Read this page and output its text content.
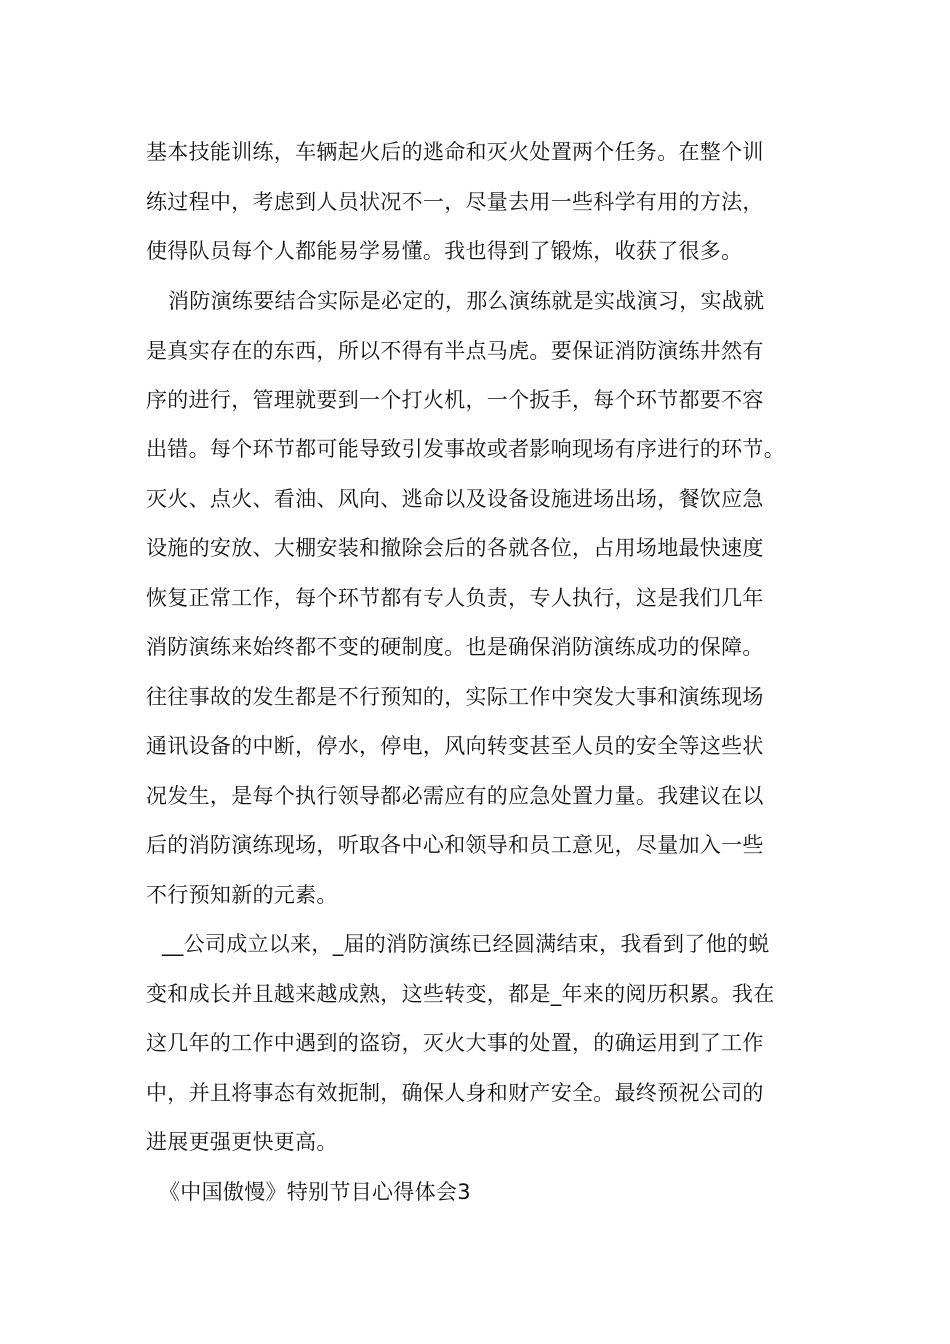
基本技能训练，车辆起火后的逃命和灭火处置两个任务。在整个训

练过程中，考虑到人员状况不一，尽量去用一些科学有用的方法，

使得队员每个人都能易学易懂。我也得到了锻炼，收获了很多。

消防演练要结合实际是必定的，那么演练就是实战演习，实战就

是真实存在的东西，所以不得有半点马虎。要保证消防演练井然有

序的进行，管理就要到一个打火机，一个扳手，每个环节都要不容

出错。每个环节都可能导致引发事故或者影响现场有序进行的环节。

灭火、点火、看油、风向、逃命以及设备设施进场出场，餐饮应急

设施的安放、大棚安装和撤除会后的各就各位，占用场地最快速度

恢复正常工作，每个环节都有专人负责，专人执行，这是我们几年

消防演练来始终都不变的硬制度。也是确保消防演练成功的保障。

往往事故的发生都是不行预知的，实际工作中突发大事和演练现场

通讯设备的中断，停水，停电，风向转变甚至人员的安全等这些状

况发生，是每个执行领导都必需应有的应急处置力量。我建议在以

后的消防演练现场，听取各中心和领导和员工意见，尽量加入一些

不行预知新的元素。

__公司成立以来，_届的消防演练已经圆满结束，我看到了他的蜕

变和成长并且越来越成熟，这些转变，都是_年来的阅历积累。我在

这几年的工作中遇到的盗窃，灭火大事的处置，的确运用到了工作

中，并且将事态有效扼制，确保人身和财产安全。最终预祝公司的

进展更强更快更高。

《中国傲慢》特别节目心得体会3
